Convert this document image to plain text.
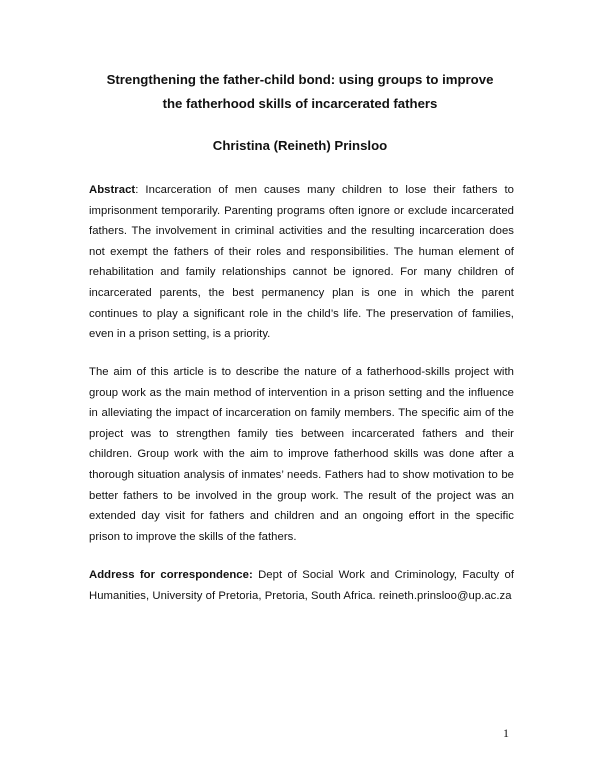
Strengthening the father-child bond: using groups to improve
the fatherhood skills of incarcerated fathers

Christina (Reineth) Prinsloo

Abstract: Incarceration of men causes many children to lose their fathers to imprisonment temporarily. Parenting programs often ignore or exclude incarcerated fathers. The involvement in criminal activities and the resulting incarceration does not exempt the fathers of their roles and responsibilities. The human element of rehabilitation and family relationships cannot be ignored. For many children of incarcerated parents, the best permanency plan is one in which the parent continues to play a significant role in the child’s life. The preservation of families, even in a prison setting, is a priority.

The aim of this article is to describe the nature of a fatherhood-skills project with group work as the main method of intervention in a prison setting and the influence in alleviating the impact of incarceration on family members. The specific aim of the project was to strengthen family ties between incarcerated fathers and their children. Group work with the aim to improve fatherhood skills was done after a thorough situation analysis of inmates’ needs. Fathers had to show motivation to be better fathers to be involved in the group work. The result of the project was an extended day visit for fathers and children and an ongoing effort in the specific prison to improve the skills of the fathers.

Address for correspondence: Dept of Social Work and Criminology, Faculty of Humanities, University of Pretoria, Pretoria, South Africa. reineth.prinsloo@up.ac.za

1
